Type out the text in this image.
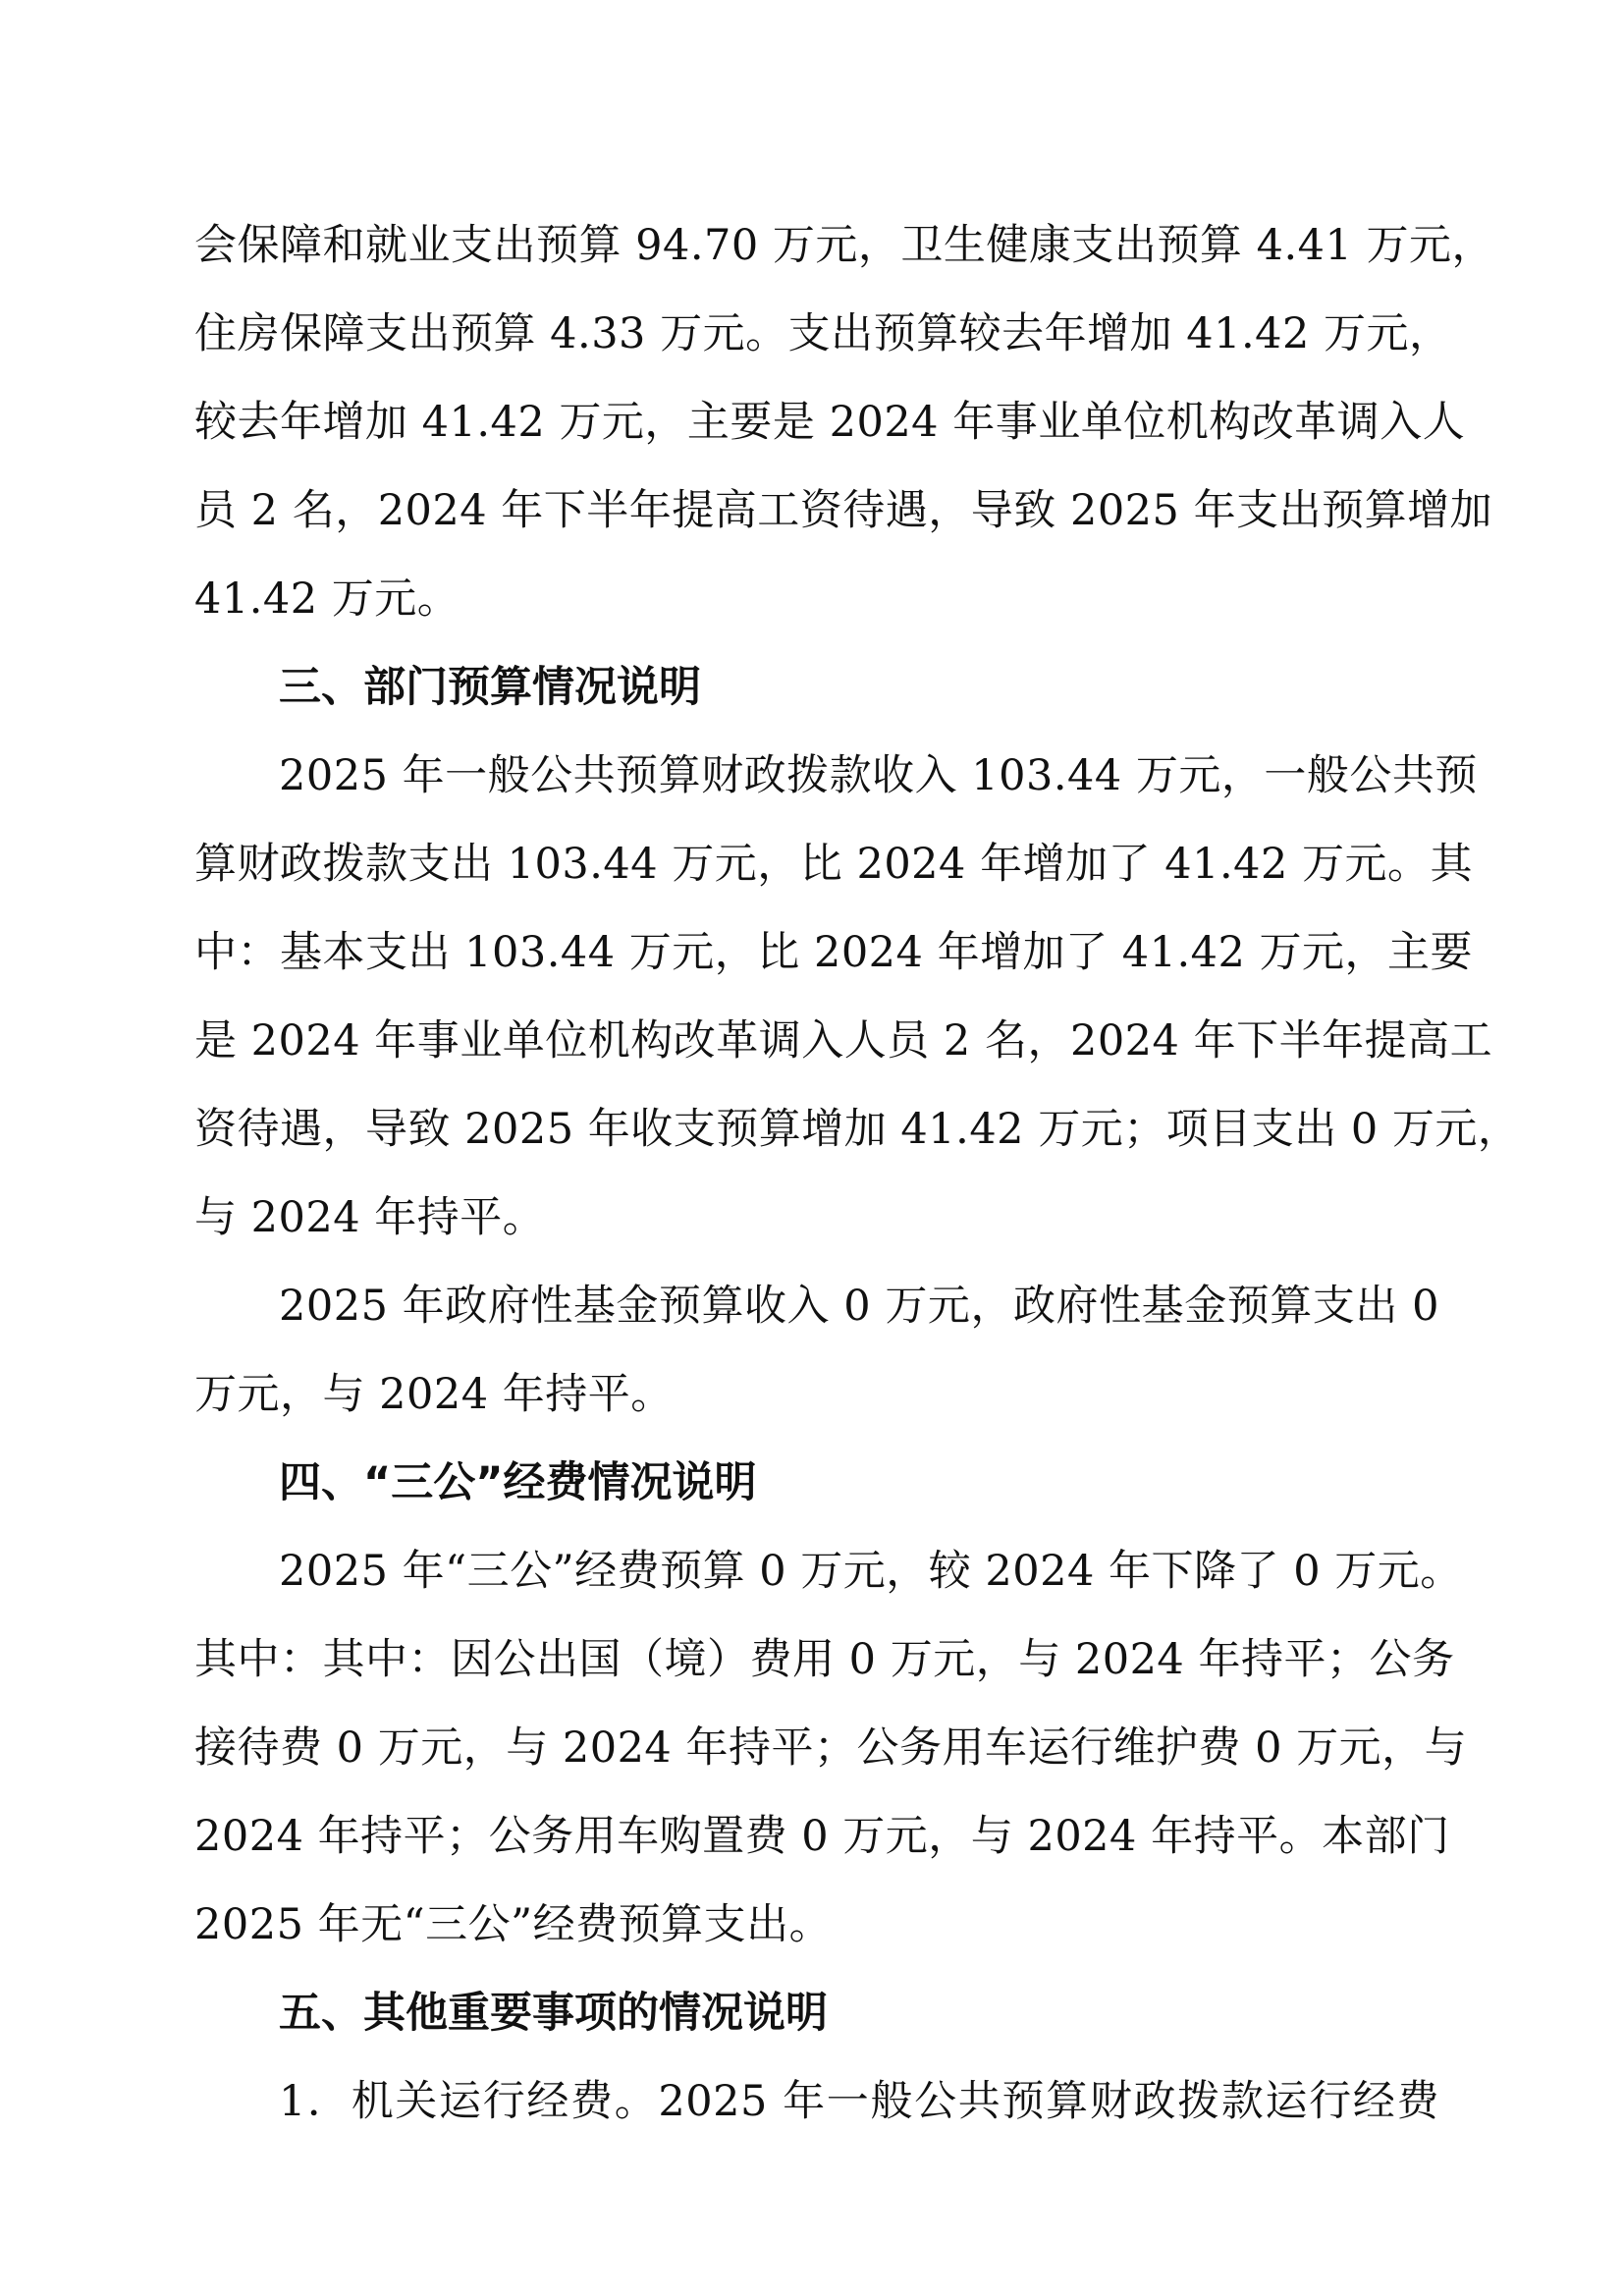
会保障和就业支出预算 94.70 万元，卫生健康支出预算 4.41 万元，
住房保障支出预算 4.33 万元。支出预算较去年增加 41.42 万元，
较去年增加 41.42 万元，主要是 2024 年事业单位机构改革调入人
员 2 名，2024 年下半年提高工资待遇，导致 2025 年支出预算增加
41.42 万元。
三、部门预算情况说明
2025 年一般公共预算财政拨款收入 103.44 万元，一般公共预
算财政拨款支出 103.44 万元，比 2024 年增加了 41.42 万元。其
中：基本支出 103.44 万元，比 2024 年增加了 41.42 万元，主要
是 2024 年事业单位机构改革调入人员 2 名，2024 年下半年提高工
资待遇，导致 2025 年收支预算增加 41.42 万元；项目支出 0 万元，
与 2024 年持平。
2025 年政府性基金预算收入 0 万元，政府性基金预算支出 0
万元，与 2024 年持平。
四、“三公”经费情况说明
2025 年“三公”经费预算 0 万元，较 2024 年下降了 0 万元。
其中：其中：因公出国（境）费用 0 万元，与 2024 年持平；公务
接待费 0 万元，与 2024 年持平；公务用车运行维护费 0 万元，与
2024 年持平；公务用车购置费 0 万元，与 2024 年持平。本部门
2025 年无“三公”经费预算支出。
五、其他重要事项的情况说明
1．机关运行经费。2025 年一般公共预算财政拨款运行经费
